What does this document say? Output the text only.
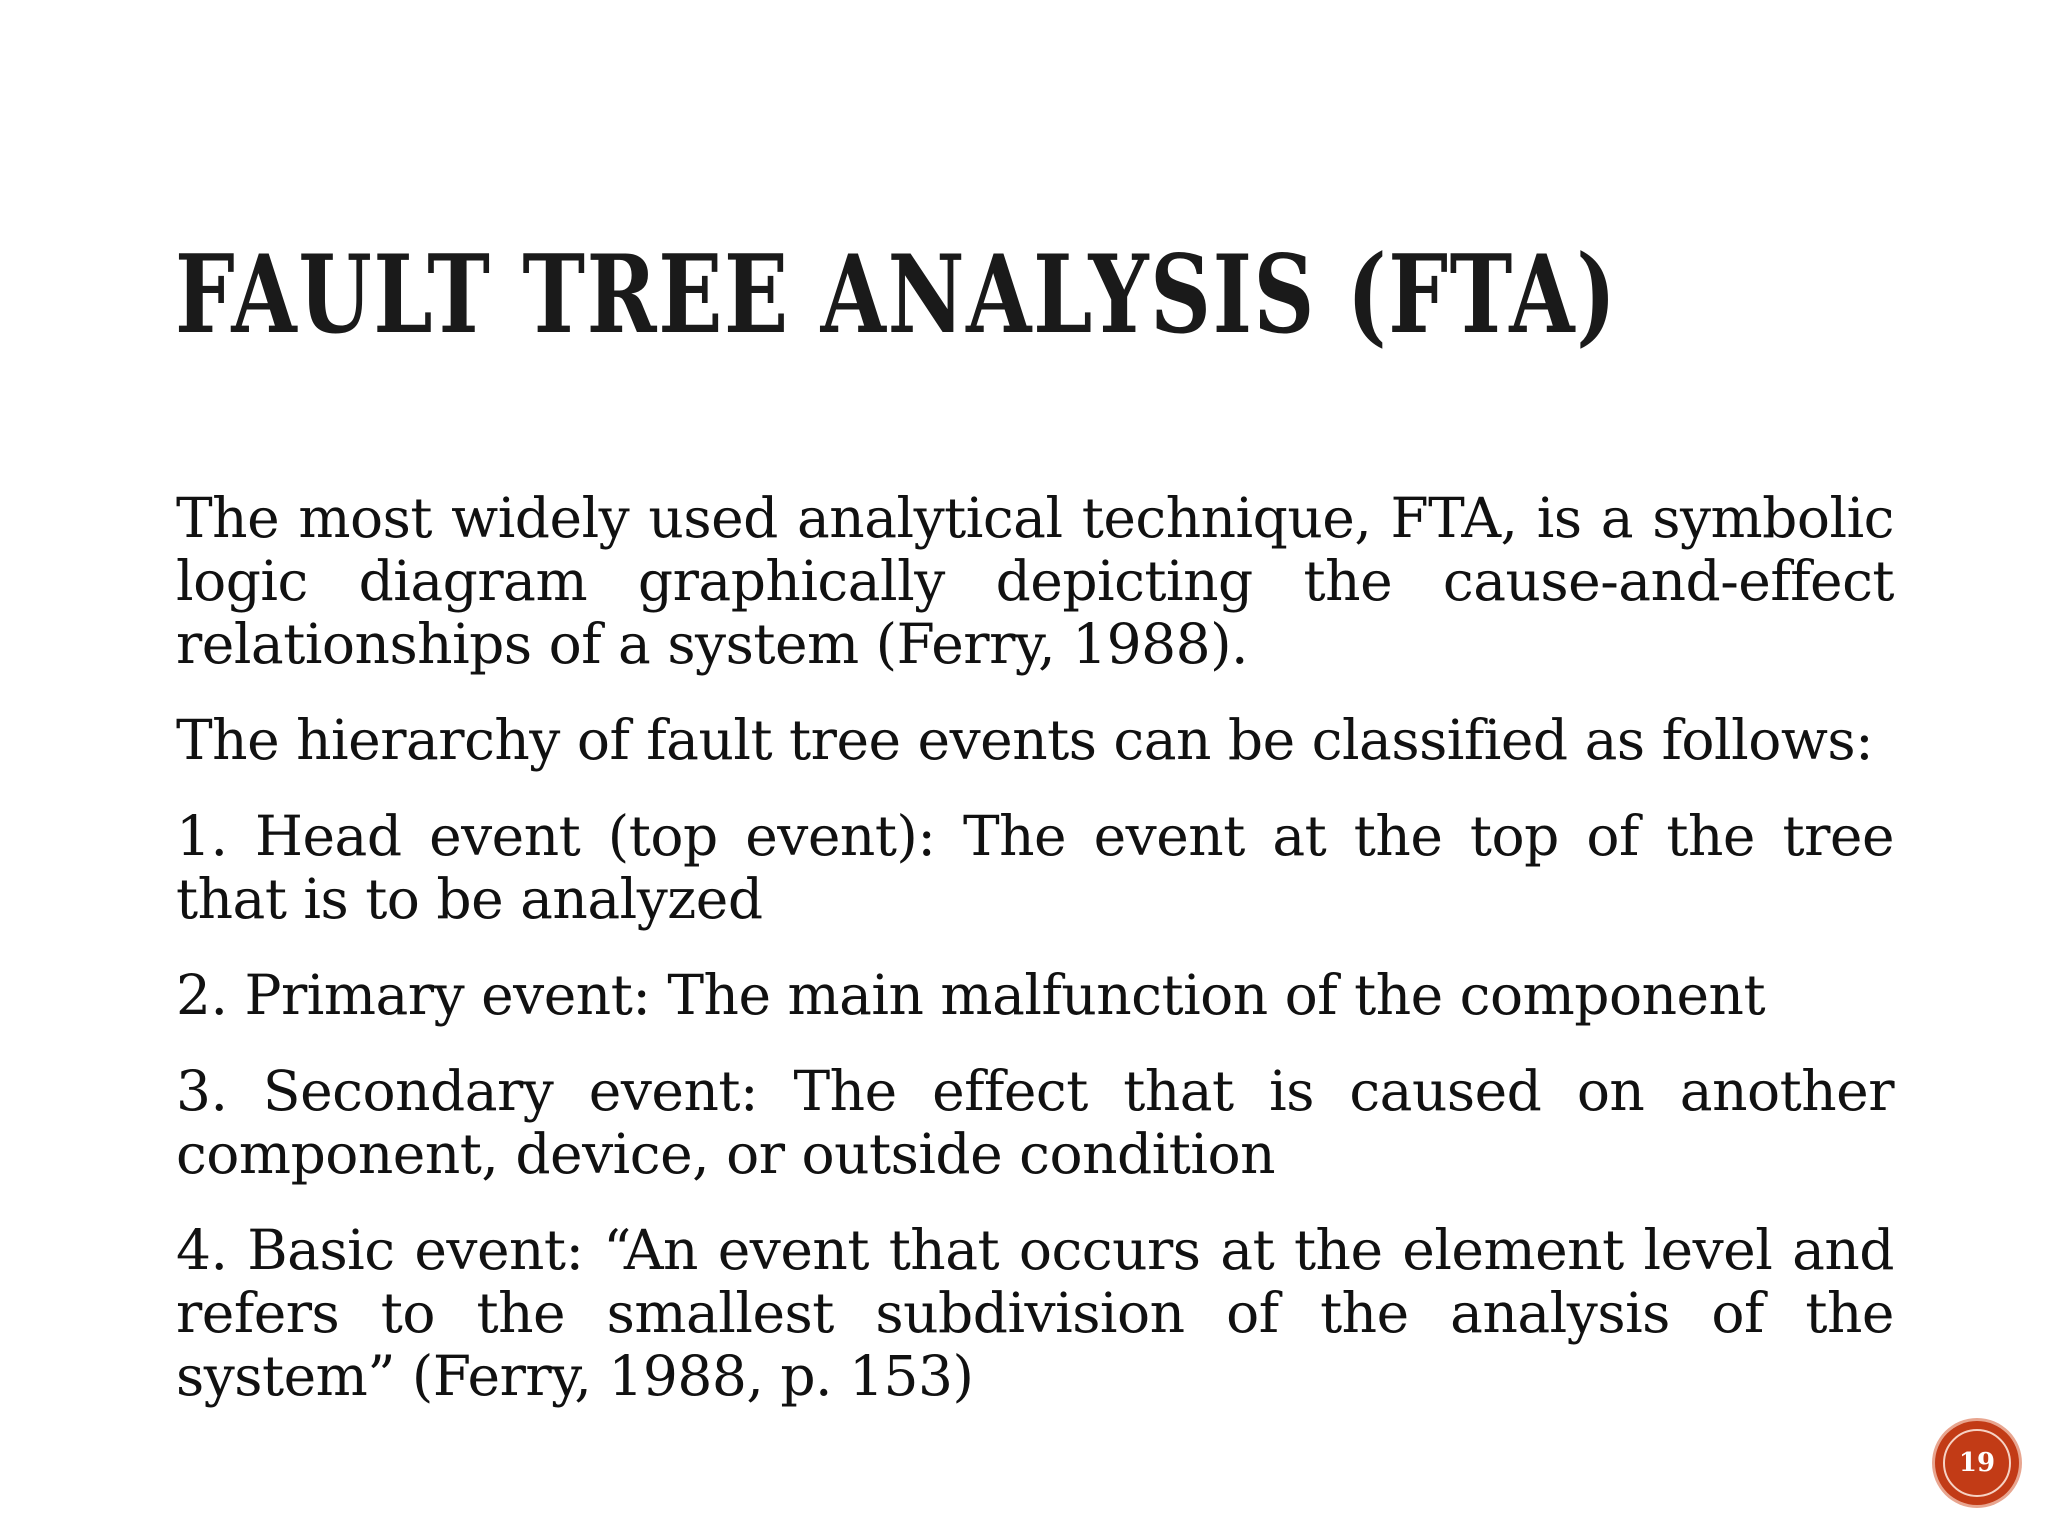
FAULT TREE ANALYSIS (FTA)

The most widely used analytical technique, FTA, is a symbolic logic diagram graphically depicting the cause-and-effect relationships of a system (Ferry, 1988).

The hierarchy of fault tree events can be classified as follows:

1. Head event (top event): The event at the top of the tree that is to be analyzed

2. Primary event: The main malfunction of the component

3. Secondary event: The effect that is caused on another component, device, or outside condition

4. Basic event: “An event that occurs at the element level and refers to the smallest subdivision of the analysis of the system” (Ferry, 1988, p. 153)

19
